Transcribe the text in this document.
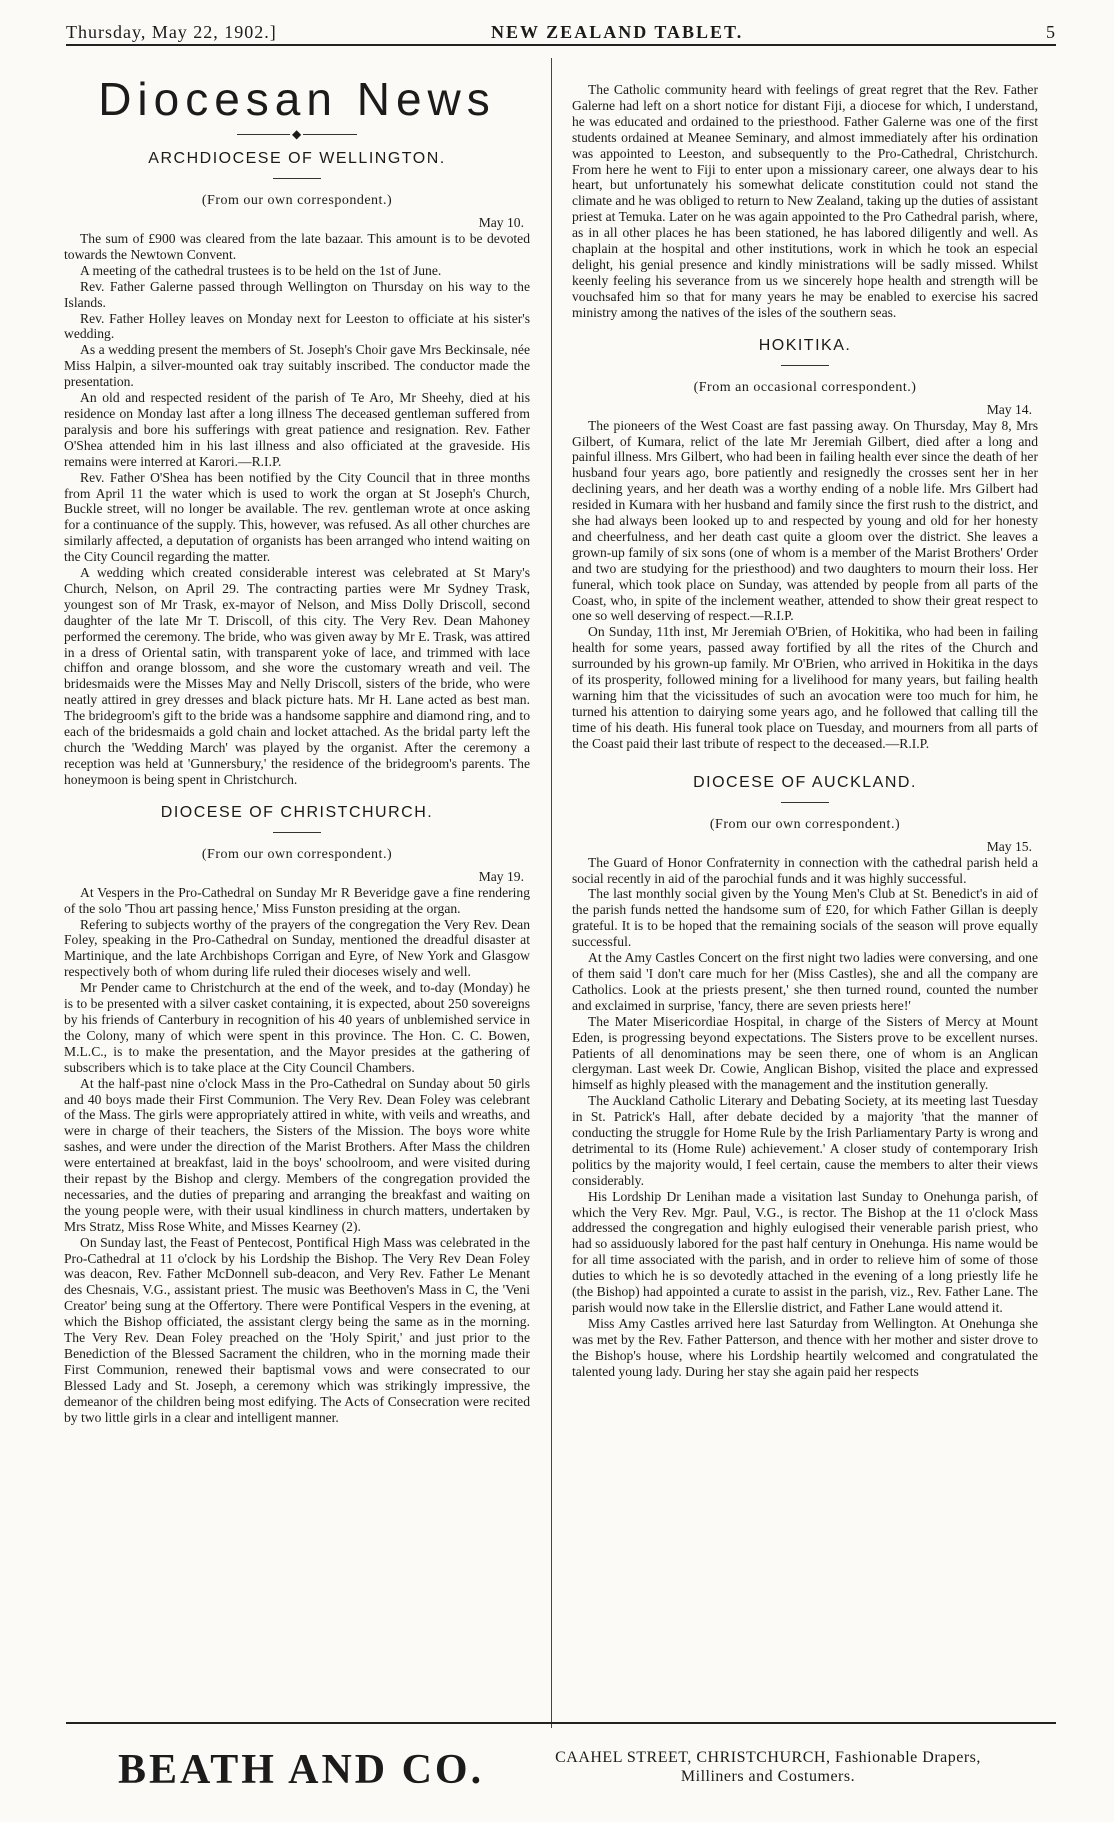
Thursday, May 22, 1902.]	NEW ZEALAND TABLET.	5
Diocesan News
◆
ARCHDIOCESE OF WELLINGTON.
(From our own correspondent.)
May 10.

The sum of £900 was cleared from the late bazaar. This amount is to be devoted towards the Newtown Convent.

A meeting of the cathedral trustees is to be held on the 1st of June.

Rev. Father Galerne passed through Wellington on Thursday on his way to the Islands.

Rev. Father Holley leaves on Monday next for Leeston to officiate at his sister's wedding.

As a wedding present the members of St. Joseph's Choir gave Mrs Beckinsale, née Miss Halpin, a silver-mounted oak tray suitably inscribed. The conductor made the presentation.

An old and respected resident of the parish of Te Aro, Mr Sheehy, died at his residence on Monday last after a long illness The deceased gentleman suffered from paralysis and bore his sufferings with great patience and resignation. Rev. Father O'Shea attended him in his last illness and also officiated at the graveside. His remains were interred at Karori.—R.I.P.

Rev. Father O'Shea has been notified by the City Council that in three months from April 11 the water which is used to work the organ at St Joseph's Church, Buckle street, will no longer be available. The rev. gentleman wrote at once asking for a continuance of the supply. This, however, was refused. As all other churches are similarly affected, a deputation of organists has been arranged who intend waiting on the City Council regarding the matter.

A wedding which created considerable interest was celebrated at St Mary's Church, Nelson, on April 29. The contracting parties were Mr Sydney Trask, youngest son of Mr Trask, ex-mayor of Nelson, and Miss Dolly Driscoll, second daughter of the late Mr T. Driscoll, of this city. The Very Rev. Dean Mahoney performed the ceremony. The bride, who was given away by Mr E. Trask, was attired in a dress of Oriental satin, with transparent yoke of lace, and trimmed with lace chiffon and orange blossom, and she wore the customary wreath and veil. The bridesmaids were the Misses May and Nelly Driscoll, sisters of the bride, who were neatly attired in grey dresses and black picture hats. Mr H. Lane acted as best man. The bridegroom's gift to the bride was a handsome sapphire and diamond ring, and to each of the bridesmaids a gold chain and locket attached. As the bridal party left the church the 'Wedding March' was played by the organist. After the ceremony a reception was held at 'Gunnersbury,' the residence of the bridegroom's parents. The honeymoon is being spent in Christchurch.

DIOCESE OF CHRISTCHURCH.
(From our own correspondent.)
May 19.

At Vespers in the Pro-Cathedral on Sunday Mr R Beveridge gave a fine rendering of the solo 'Thou art passing hence,' Miss Funston presiding at the organ.

Refering to subjects worthy of the prayers of the congregation the Very Rev. Dean Foley, speaking in the Pro-Cathedral on Sunday, mentioned the dreadful disaster at Martinique, and the late Archbishops Corrigan and Eyre, of New York and Glasgow respectively both of whom during life ruled their dioceses wisely and well.

Mr Pender came to Christchurch at the end of the week, and to-day (Monday) he is to be presented with a silver casket containing, it is expected, about 250 sovereigns by his friends of Canterbury in recognition of his 40 years of unblemished service in the Colony, many of which were spent in this province. The Hon. C. C. Bowen, M.L.C., is to make the presentation, and the Mayor presides at the gathering of subscribers which is to take place at the City Council Chambers.

At the half-past nine o'clock Mass in the Pro-Cathedral on Sunday about 50 girls and 40 boys made their First Communion. The Very Rev. Dean Foley was celebrant of the Mass. The girls were appropriately attired in white, with veils and wreaths, and were in charge of their teachers, the Sisters of the Mission. The boys wore white sashes, and were under the direction of the Marist Brothers. After Mass the children were entertained at breakfast, laid in the boys' schoolroom, and were visited during their repast by the Bishop and clergy. Members of the congregation provided the necessaries, and the duties of preparing and arranging the breakfast and waiting on the young people were, with their usual kindliness in church matters, undertaken by Mrs Stratz, Miss Rose White, and Misses Kearney (2).

On Sunday last, the Feast of Pentecost, Pontifical High Mass was celebrated in the Pro-Cathedral at 11 o'clock by his Lordship the Bishop. The Very Rev Dean Foley was deacon, Rev. Father McDonnell sub-deacon, and Very Rev. Father Le Menant des Chesnais, V.G., assistant priest. The music was Beethoven's Mass in C, the 'Veni Creator' being sung at the Offertory. There were Pontifical Vespers in the evening, at which the Bishop officiated, the assistant clergy being the same as in the morning. The Very Rev. Dean Foley preached on the 'Holy Spirit,' and just prior to the Benediction of the Blessed Sacrament the children, who in the morning made their First Communion, renewed their baptismal vows and were consecrated to our Blessed Lady and St. Joseph, a ceremony which was strikingly impressive, the demeanor of the children being most edifying. The Acts of Consecration were recited by two little girls in a clear and intelligent manner.

The Catholic community heard with feelings of great regret that the Rev. Father Galerne had left on a short notice for distant Fiji, a diocese for which, I understand, he was educated and ordained to the priesthood. Father Galerne was one of the first students ordained at Meanee Seminary, and almost immediately after his ordination was appointed to Leeston, and subsequently to the Pro-Cathedral, Christchurch. From here he went to Fiji to enter upon a missionary career, one always dear to his heart, but unfortunately his somewhat delicate constitution could not stand the climate and he was obliged to return to New Zealand, taking up the duties of assistant priest at Temuka. Later on he was again appointed to the Pro Cathedral parish, where, as in all other places he has been stationed, he has labored diligently and well. As chaplain at the hospital and other institutions, work in which he took an especial delight, his genial presence and kindly ministrations will be sadly missed. Whilst keenly feeling his severance from us we sincerely hope health and strength will be vouchsafed him so that for many years he may be enabled to exercise his sacred ministry among the natives of the isles of the southern seas.

HOKITIKA.
(From an occasional correspondent.)
May 14.

The pioneers of the West Coast are fast passing away. On Thursday, May 8, Mrs Gilbert, of Kumara, relict of the late Mr Jeremiah Gilbert, died after a long and painful illness. Mrs Gilbert, who had been in failing health ever since the death of her husband four years ago, bore patiently and resignedly the crosses sent her in her declining years, and her death was a worthy ending of a noble life. Mrs Gilbert had resided in Kumara with her husband and family since the first rush to the district, and she had always been looked up to and respected by young and old for her honesty and cheerfulness, and her death cast quite a gloom over the district. She leaves a grown-up family of six sons (one of whom is a member of the Marist Brothers' Order and two are studying for the priesthood) and two daughters to mourn their loss. Her funeral, which took place on Sunday, was attended by people from all parts of the Coast, who, in spite of the inclement weather, attended to show their great respect to one so well deserving of respect.—R.I.P.

On Sunday, 11th inst, Mr Jeremiah O'Brien, of Hokitika, who had been in failing health for some years, passed away fortified by all the rites of the Church and surrounded by his grown-up family. Mr O'Brien, who arrived in Hokitika in the days of its prosperity, followed mining for a livelihood for many years, but failing health warning him that the vicissitudes of such an avocation were too much for him, he turned his attention to dairying some years ago, and he followed that calling till the time of his death. His funeral took place on Tuesday, and mourners from all parts of the Coast paid their last tribute of respect to the deceased.—R.I.P.

DIOCESE OF AUCKLAND.
(From our own correspondent.)
May 15.

The Guard of Honor Confraternity in connection with the cathedral parish held a social recently in aid of the parochial funds and it was highly successful.

The last monthly social given by the Young Men's Club at St. Benedict's in aid of the parish funds netted the handsome sum of £20, for which Father Gillan is deeply grateful. It is to be hoped that the remaining socials of the season will prove equally successful.

At the Amy Castles Concert on the first night two ladies were conversing, and one of them said 'I don't care much for her (Miss Castles), she and all the company are Catholics. Look at the priests present,' she then turned round, counted the number and exclaimed in surprise, 'fancy, there are seven priests here!'

The Mater Misericordiae Hospital, in charge of the Sisters of Mercy at Mount Eden, is progressing beyond expectations. The Sisters prove to be excellent nurses. Patients of all denominations may be seen there, one of whom is an Anglican clergyman. Last week Dr. Cowie, Anglican Bishop, visited the place and expressed himself as highly pleased with the management and the institution generally.

The Auckland Catholic Literary and Debating Society, at its meeting last Tuesday in St. Patrick's Hall, after debate decided by a majority 'that the manner of conducting the struggle for Home Rule by the Irish Parliamentary Party is wrong and detrimental to its (Home Rule) achievement.' A closer study of contemporary Irish politics by the majority would, I feel certain, cause the members to alter their views considerably.

His Lordship Dr Lenihan made a visitation last Sunday to Onehunga parish, of which the Very Rev. Mgr. Paul, V.G., is rector. The Bishop at the 11 o'clock Mass addressed the congregation and highly eulogised their venerable parish priest, who had so assiduously labored for the past half century in Onehunga. His name would be for all time associated with the parish, and in order to relieve him of some of those duties to which he is so devotedly attached in the evening of a long priestly life he (the Bishop) had appointed a curate to assist in the parish, viz., Rev. Father Lane. The parish would now take in the Ellerslie district, and Father Lane would attend it.

Miss Amy Castles arrived here last Saturday from Wellington. At Onehunga she was met by the Rev. Father Patterson, and thence with her mother and sister drove to the Bishop's house, where his Lordship heartily welcomed and congratulated the talented young lady. During her stay she again paid her respects

BEATH AND CO.	CAAHEL STREET, CHRISTCHURCH, Fashionable Drapers,
Milliners and Costumers.
